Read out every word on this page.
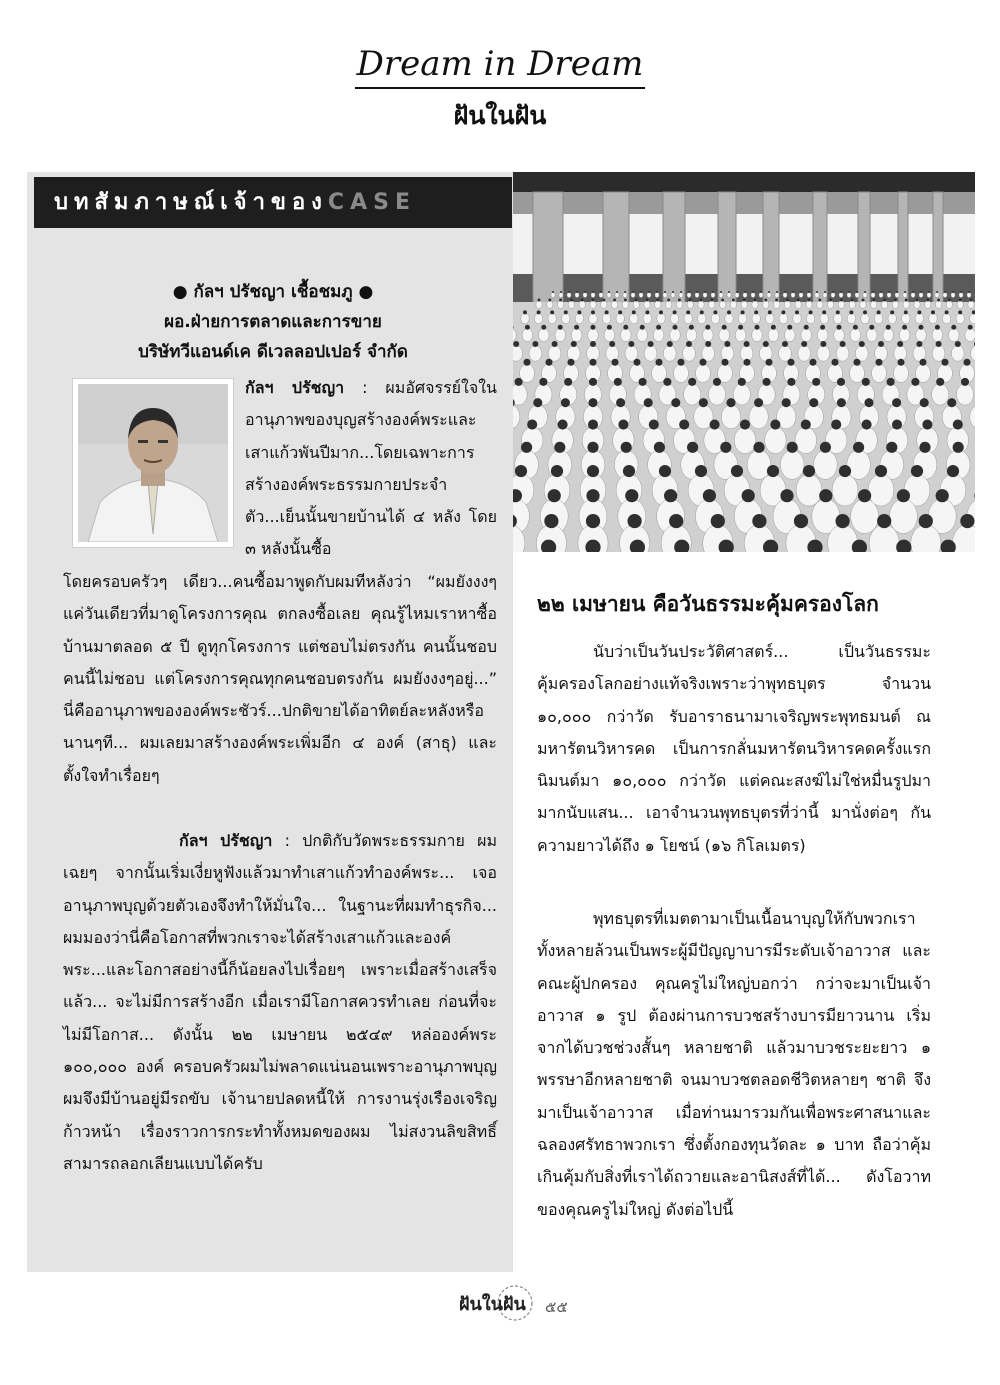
Dream in Dream
ฝันในฝัน
บทสัมภาษณ์เจ้าของCASE
● กัลฯ ปรัชญา เชื้อชมภู ●
ผอ.ฝ่ายการตลาดและการขาย
บริษัทวีแอนด์เค ดีเวลลอปเปอร์ จำกัด
กัลฯ ปรัชญา : ผมอัศจรรย์ใจในอานุภาพของบุญสร้างองค์พระและเสาแก้วพันปีมาก...โดยเฉพาะการสร้างองค์พระธรรมกายประจำตัว...เย็นนั้นขายบ้านได้ ๔ หลัง โดย ๓ หลังนั้นซื้อ
โดยครอบครัวๆ เดียว...คนซื้อมาพูดกับผมทีหลังว่า “ผมยังงงๆ แค่วันเดียวที่มาดูโครงการคุณ ตกลงซื้อเลย คุณรู้ไหมเราหาซื้อบ้านมาตลอด ๕ ปี ดูทุกโครงการ แต่ชอบไม่ตรงกัน คนนั้นชอบ คนนี้ไม่ชอบ แต่โครงการคุณทุกคนชอบตรงกัน ผมยังงงๆอยู่...” นี่คืออานุภาพขององค์พระชัวร์...ปกติขายได้อาทิตย์ละหลังหรือนานๆที... ผมเลยมาสร้างองค์พระเพิ่มอีก ๔ องค์ (สาธุ) และตั้งใจทำเรื่อยๆ
กัลฯ ปรัชญา : ปกติกับวัดพระธรรมกาย ผมเฉยๆ จากนั้นเริ่มเงี่ยหูฟังแล้วมาทำเสาแก้วทำองค์พระ... เจออานุภาพบุญด้วยตัวเองจึงทำให้มั่นใจ... ในฐานะที่ผมทำธุรกิจ... ผมมองว่านี่คือโอกาสที่พวกเราจะได้สร้างเสาแก้วและองค์พระ...และโอกาสอย่างนี้ก็น้อยลงไปเรื่อยๆ เพราะเมื่อสร้างเสร็จแล้ว... จะไม่มีการสร้างอีก เมื่อเรามีโอกาสควรทำเลย ก่อนที่จะไม่มีโอกาส... ดังนั้น ๒๒ เมษายน ๒๕๔๙ หล่อองค์พระ ๑๐๐,๐๐๐ องค์ ครอบครัวผมไม่พลาดแน่นอนเพราะอานุภาพบุญ ผมจึงมีบ้านอยู่มีรถขับ เจ้านายปลดหนี้ให้ การงานรุ่งเรืองเจริญก้าวหน้า เรื่องราวการกระทำทั้งหมดของผม ไม่สงวนลิขสิทธิ์ สามารถลอกเลียนแบบได้ครับ
๒๒ เมษายน คือวันธรรมะคุ้มครองโลก
นับว่าเป็นวันประวัติศาสตร์... เป็นวันธรรมะคุ้มครองโลกอย่างแท้จริงเพราะว่าพุทธบุตร จำนวน ๑๐,๐๐๐ กว่าวัด รับอาราธนามาเจริญพระพุทธมนต์ ณ มหารัตนวิหารคด เป็นการกลั่นมหารัตนวิหารคดครั้งแรก นิมนต์มา ๑๐,๐๐๐ กว่าวัด แต่คณะสงฆ์ไม่ใช่หมื่นรูปมามากนับแสน... เอาจำนวนพุทธบุตรที่ว่านี้ มานั่งต่อๆ กันความยาวได้ถึง ๑ โยชน์ (๑๖ กิโลเมตร)
พุทธบุตรที่เมตตามาเป็นเนื้อนาบุญให้กับพวกเราทั้งหลายล้วนเป็นพระผู้มีปัญญาบารมีระดับเจ้าอาวาส และคณะผู้ปกครอง คุณครูไม่ใหญ่บอกว่า กว่าจะมาเป็นเจ้าอาวาส ๑ รูป ต้องผ่านการบวชสร้างบารมียาวนาน เริ่มจากได้บวชช่วงสั้นๆ หลายชาติ แล้วมาบวชระยะยาว ๑ พรรษาอีกหลายชาติ จนมาบวชตลอดชีวิตหลายๆ ชาติ จึงมาเป็นเจ้าอาวาส เมื่อท่านมารวมกันเพื่อพระศาสนาและฉลองศรัทธาพวกเรา ซึ่งตั้งกองทุนวัดละ ๑ บาท ถือว่าคุ้มเกินคุ้มกับสิ่งที่เราได้ถวายและอานิสงส์ที่ได้... ดังโอวาทของคุณครูไม่ใหญ่ ดังต่อไปนี้
ฝันในฝัน ๕๕
